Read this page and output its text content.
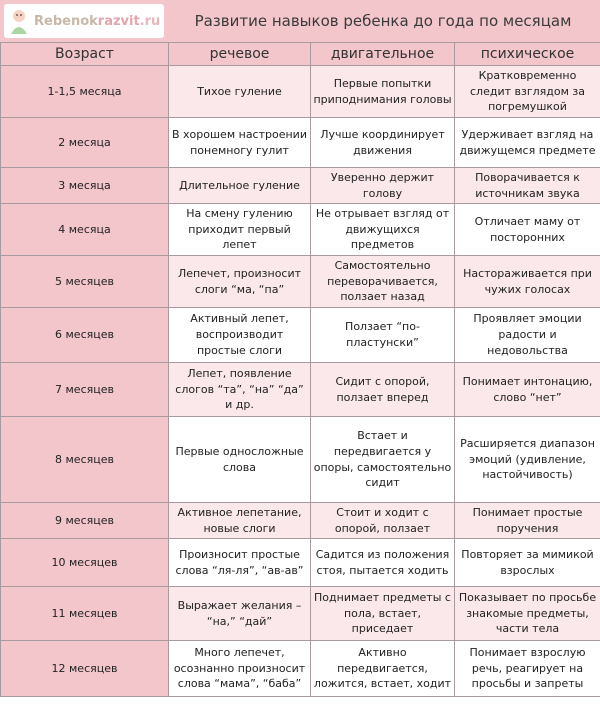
Rebenokrazvit.ru	Развитие навыков ребенка до года по месяцам
Возраст	речевое	двигательное	психическое
1-1,5 месяца	Тихое гуление	Первые попытки приподнимания головы	Кратковременно следит взглядом за погремушкой
2 месяца	В хорошем настроении понемногу гулит	Лучше координирует движения	Удерживает взгляд на движущемся предмете
3 месяца	Длительное гуление	Уверенно держит голову	Поворачивается к источникам звука
4 месяца	На смену гулению приходит первый лепет	Не отрывает взгляд от движущихся предметов	Отличает маму от посторонних
5 месяцев	Лепечет, произносит слоги “ма, “па”	Самостоятельно переворачивается, ползает назад	Настораживается при чужих голосах
6 месяцев	Активный лепет, воспроизводит простые слоги	Ползает “по-пластунски”	Проявляет эмоции радости и недовольства
7 месяцев	Лепет, появление слогов “та”, “на” “да” и др.	Сидит с опорой, ползает вперед	Понимает интонацию, слово “нет”
8 месяцев	Первые односложные слова	Встает и передвигается у опоры, самостоятельно сидит	Расширяется диапазон эмоций (удивление, настойчивость)
9 месяцев	Активное лепетание, новые слоги	Стоит и ходит с опорой, ползает	Понимает простые поручения
10 месяцев	Произносит простые слова “ля-ля”, “ав-ав”	Садится из положения стоя, пытается ходить	Повторяет за мимикой взрослых
11 месяцев	Выражает желания – “на,” “дай”	Поднимает предметы с пола, встает, приседает	Показывает по просьбе знакомые предметы, части тела
12 месяцев	Много лепечет, осознанно произносит слова “мама”, “баба”	Активно передвигается, ложится, встает, ходит	Понимает взрослую речь, реагирует на просьбы и запреты
